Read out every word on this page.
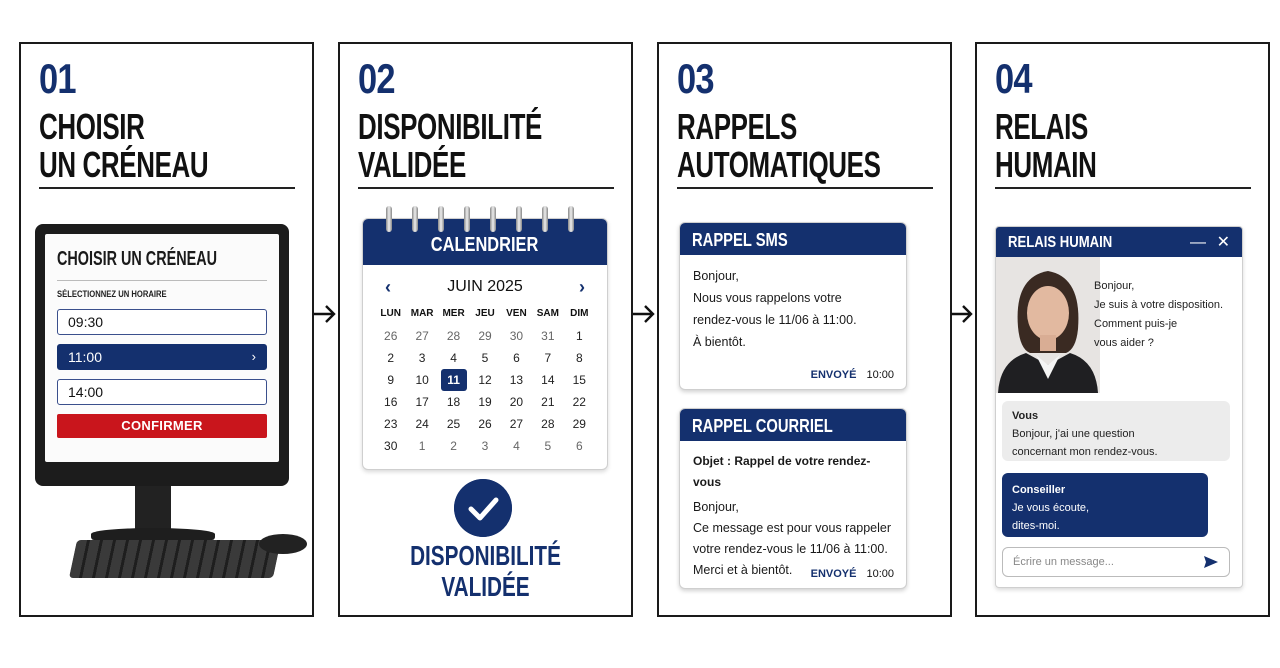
01
CHOISIR
UN CRÉNEAU
CHOISIR UN CRÉNEAU
SÉLECTIONNEZ UN HORAIRE
09:30
11:00	›
14:00
CONFIRMER
02
DISPONIBILITÉ
VALIDÉE
CALENDRIER
‹	JUIN 2025	›
LUN MAR MER	JEU	VEN	SAM	DIM
26	27	28	29	30	31	1
2	3	4	5	6	7	8
9	10	11	12	13	14	15
16	17	18	19	20	21	22
23	24	25	26	27	28	29
30	1	2	3	4	5	6
DISPONIBILITÉ
VALIDÉE
03
RAPPELS
AUTOMATIQUES
RAPPEL SMS
Bonjour,
Nous vous rappelons votre
rendez-vous le 11/06 à 11:00.
À bientôt.
ENVOYÉ 10:00
RAPPEL COURRIEL
Objet : Rappel de votre rendez-vous
Bonjour,
Ce message est pour vous rappeler
votre rendez-vous le 11/06 à 11:00.
Merci et à bientôt.	ENVOYÉ 10:00
04
RELAIS
HUMAIN
RELAIS HUMAIN	— ✕
Bonjour,
Je suis à votre disposition.
Comment puis-je
vous aider ?
Vous
Bonjour, j'ai une question
concernant mon rendez-vous.
Conseiller
Je vous écoute,
dites-moi.
Écrire un message...
